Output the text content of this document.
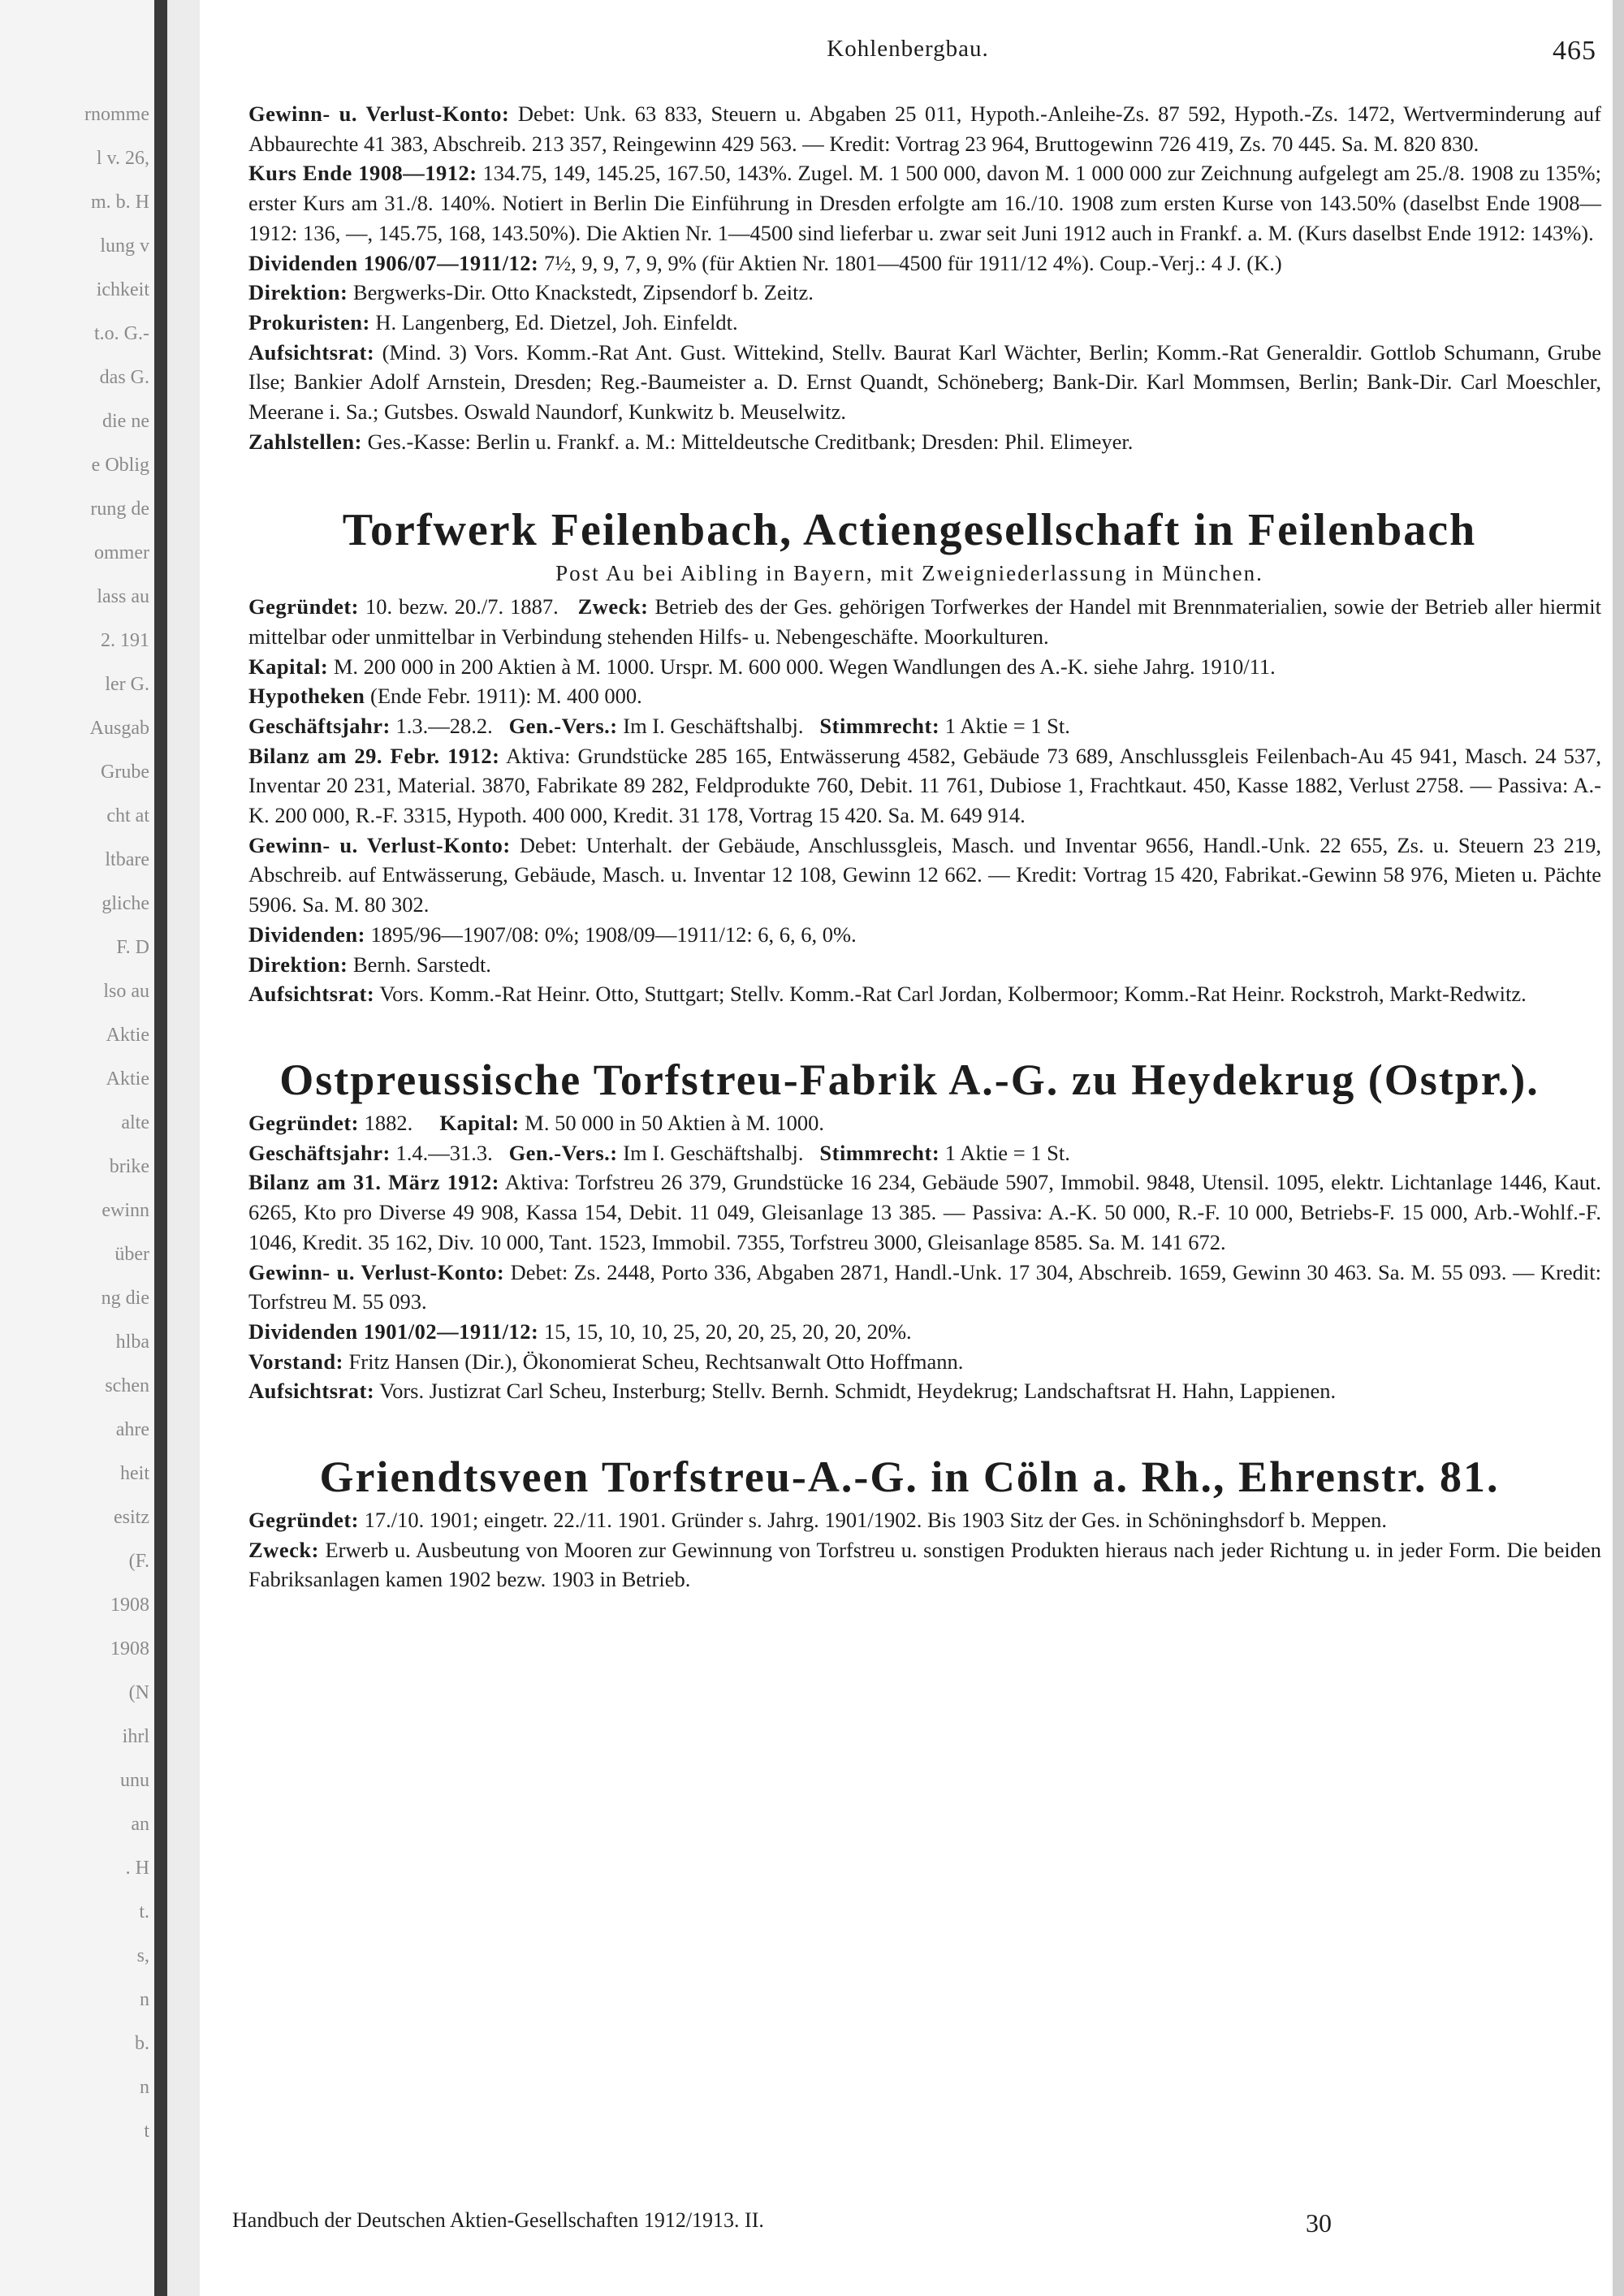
rnomme
l v. 26,
m. b. H
lung v
ichkeit
t.o. G.-
das G.
die ne
e Oblig
rung de
ommer
lass au
2. 191
ler G.
Ausgab
Grube
cht at
ltbare
gliche
F. D
lso au
Aktie
Aktie
alte
brike
ewinn
über
ng die
hlba
schen
ahre
heit
esitz
(F.
1908
1908
(N
ihrl
unu
an
. H
t.
s,
n
b.
n
t
Kohlenbergbau.	465

Gewinn- u. Verlust-Konto: Debet: Unk. 63 833, Steuern u. Abgaben 25 011, Hypoth.-Anleihe-Zs. 87 592, Hypoth.-Zs. 1472, Wertverminderung auf Abbaurechte 41 383, Abschreib. 213 357, Reingewinn 429 563. — Kredit: Vortrag 23 964, Bruttogewinn 726 419, Zs. 70 445. Sa. M. 820 830.

Kurs Ende 1908—1912: 134.75, 149, 145.25, 167.50, 143%. Zugel. M. 1 500 000, davon M. 1 000 000 zur Zeichnung aufgelegt am 25./8. 1908 zu 135%; erster Kurs am 31./8. 140%. Notiert in Berlin Die Einführung in Dresden erfolgte am 16./10. 1908 zum ersten Kurse von 143.50% (daselbst Ende 1908—1912: 136, —, 145.75, 168, 143.50%). Die Aktien Nr. 1—4500 sind lieferbar u. zwar seit Juni 1912 auch in Frankf. a. M. (Kurs daselbst Ende 1912: 143%).

Dividenden 1906/07—1911/12: 7½, 9, 9, 7, 9, 9% (für Aktien Nr. 1801—4500 für 1911/12 4%). Coup.-Verj.: 4 J. (K.)

Direktion: Bergwerks-Dir. Otto Knackstedt, Zipsendorf b. Zeitz.

Prokuristen: H. Langenberg, Ed. Dietzel, Joh. Einfeldt.

Aufsichtsrat: (Mind. 3) Vors. Komm.-Rat Ant. Gust. Wittekind, Stellv. Baurat Karl Wächter, Berlin; Komm.-Rat Generaldir. Gottlob Schumann, Grube Ilse; Bankier Adolf Arnstein, Dresden; Reg.-Baumeister a. D. Ernst Quandt, Schöneberg; Bank-Dir. Karl Mommsen, Berlin; Bank-Dir. Carl Moeschler, Meerane i. Sa.; Gutsbes. Oswald Naundorf, Kunkwitz b. Meuselwitz.

Zahlstellen: Ges.-Kasse: Berlin u. Frankf. a. M.: Mitteldeutsche Creditbank; Dresden: Phil. Elimeyer.

Torfwerk Feilenbach, Actiengesellschaft in Feilenbach
Post Au bei Aibling in Bayern, mit Zweigniederlassung in München.

Gegründet: 10. bezw. 20./7. 1887. Zweck: Betrieb des der Ges. gehörigen Torfwerkes der Handel mit Brennmaterialien, sowie der Betrieb aller hiermit mittelbar oder unmittelbar in Verbindung stehenden Hilfs- u. Nebengeschäfte. Moorkulturen.

Kapital: M. 200 000 in 200 Aktien à M. 1000. Urspr. M. 600 000. Wegen Wandlungen des A.-K. siehe Jahrg. 1910/11.

Hypotheken (Ende Febr. 1911): M. 400 000.

Geschäftsjahr: 1.3.—28.2. Gen.-Vers.: Im I. Geschäftshalbj. Stimmrecht: 1 Aktie = 1 St.

Bilanz am 29. Febr. 1912: Aktiva: Grundstücke 285 165, Entwässerung 4582, Gebäude 73 689, Anschlussgleis Feilenbach-Au 45 941, Masch. 24 537, Inventar 20 231, Material. 3870, Fabrikate 89 282, Feldprodukte 760, Debit. 11 761, Dubiose 1, Frachtkaut. 450, Kasse 1882, Verlust 2758. — Passiva: A.-K. 200 000, R.-F. 3315, Hypoth. 400 000, Kredit. 31 178, Vortrag 15 420. Sa. M. 649 914.

Gewinn- u. Verlust-Konto: Debet: Unterhalt. der Gebäude, Anschlussgleis, Masch. und Inventar 9656, Handl.-Unk. 22 655, Zs. u. Steuern 23 219, Abschreib. auf Entwässerung, Gebäude, Masch. u. Inventar 12 108, Gewinn 12 662. — Kredit: Vortrag 15 420, Fabrikat.-Gewinn 58 976, Mieten u. Pächte 5906. Sa. M. 80 302.

Dividenden: 1895/96—1907/08: 0%; 1908/09—1911/12: 6, 6, 6, 0%.

Direktion: Bernh. Sarstedt.

Aufsichtsrat: Vors. Komm.-Rat Heinr. Otto, Stuttgart; Stellv. Komm.-Rat Carl Jordan, Kolbermoor; Komm.-Rat Heinr. Rockstroh, Markt-Redwitz.

Ostpreussische Torfstreu-Fabrik A.-G. zu Heydekrug (Ostpr.).

Gegründet: 1882. Kapital: M. 50 000 in 50 Aktien à M. 1000.

Geschäftsjahr: 1.4.—31.3. Gen.-Vers.: Im I. Geschäftshalbj. Stimmrecht: 1 Aktie = 1 St.

Bilanz am 31. März 1912: Aktiva: Torfstreu 26 379, Grundstücke 16 234, Gebäude 5907, Immobil. 9848, Utensil. 1095, elektr. Lichtanlage 1446, Kaut. 6265, Kto pro Diverse 49 908, Kassa 154, Debit. 11 049, Gleisanlage 13 385. — Passiva: A.-K. 50 000, R.-F. 10 000, Betriebs-F. 15 000, Arb.-Wohlf.-F. 1046, Kredit. 35 162, Div. 10 000, Tant. 1523, Immobil. 7355, Torfstreu 3000, Gleisanlage 8585. Sa. M. 141 672.

Gewinn- u. Verlust-Konto: Debet: Zs. 2448, Porto 336, Abgaben 2871, Handl.-Unk. 17 304, Abschreib. 1659, Gewinn 30 463. Sa. M. 55 093. — Kredit: Torfstreu M. 55 093.

Dividenden 1901/02—1911/12: 15, 15, 10, 10, 25, 20, 20, 25, 20, 20, 20%.

Vorstand: Fritz Hansen (Dir.), Ökonomierat Scheu, Rechtsanwalt Otto Hoffmann.

Aufsichtsrat: Vors. Justizrat Carl Scheu, Insterburg; Stellv. Bernh. Schmidt, Heydekrug; Landschaftsrat H. Hahn, Lappienen.

Griendtsveen Torfstreu-A.-G. in Cöln a. Rh., Ehrenstr. 81.

Gegründet: 17./10. 1901; eingetr. 22./11. 1901. Gründer s. Jahrg. 1901/1902. Bis 1903 Sitz der Ges. in Schöninghsdorf b. Meppen.

Zweck: Erwerb u. Ausbeutung von Mooren zur Gewinnung von Torfstreu u. sonstigen Produkten hieraus nach jeder Richtung u. in jeder Form. Die beiden Fabriksanlagen kamen 1902 bezw. 1903 in Betrieb.

Handbuch der Deutschen Aktien-Gesellschaften 1912/1913. II.	30
